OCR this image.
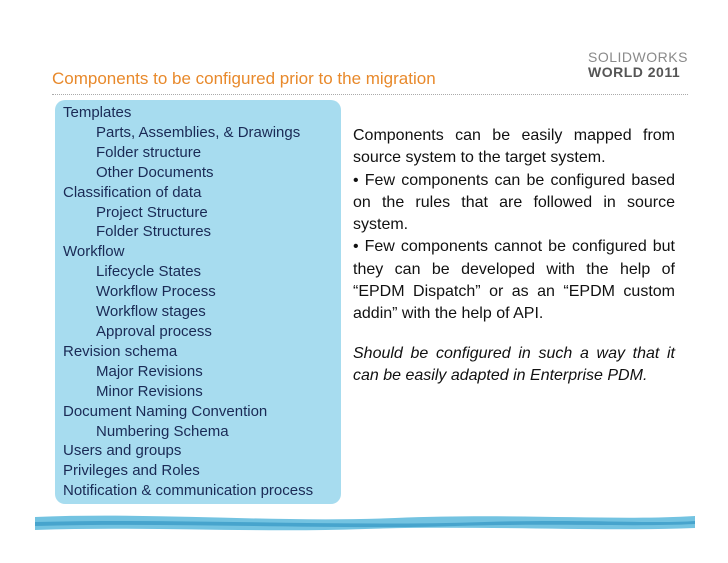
SOLIDWORKS
WORLD 2011
Components to be configured prior to the migration
Templates
Parts, Assemblies, & Drawings
Folder structure
Other Documents
Classification of data
Project Structure
Folder Structures
Workflow
Lifecycle States
Workflow Process
Workflow stages
Approval process
Revision schema
Major Revisions
Minor Revisions
Document Naming Convention
Numbering Schema
Users and groups
Privileges and Roles
Notification & communication process

Components can be easily mapped from source system to the target system.

• Few components can be configured based on the rules that are followed in source system.

• Few components cannot be configured but they can be developed with the help of “EPDM Dispatch” or as an “EPDM custom addin” with the help of API.

Should be configured in such a way that it can be easily adapted in Enterprise PDM.
